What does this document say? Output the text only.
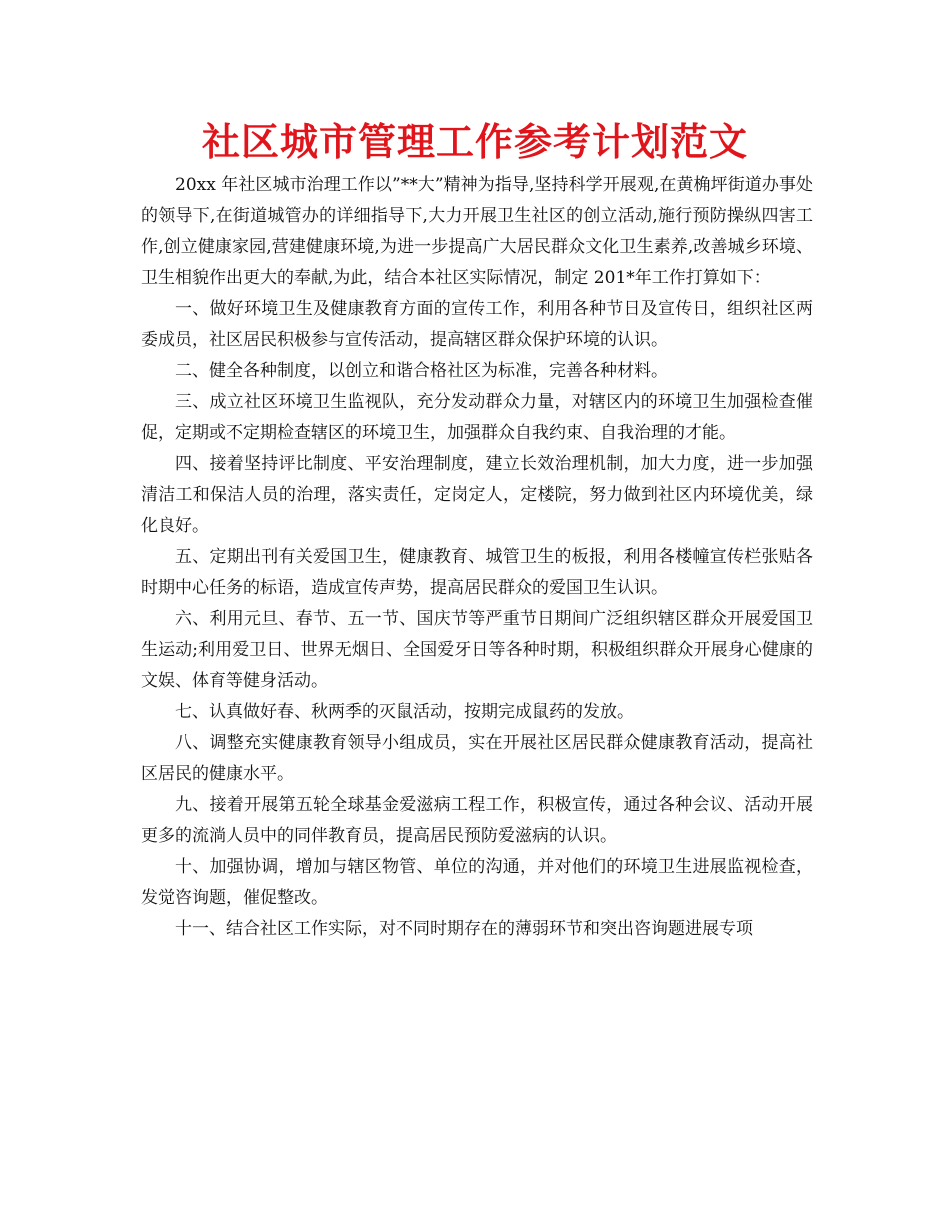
社区城市管理工作参考计划范文

20xx 年社区城市治理工作以”**大”精神为指导,坚持科学开展观,在黄桷坪街道办事处的领导下,在街道城管办的详细指导下,大力开展卫生社区的创立活动,施行预防操纵四害工作,创立健康家园,营建健康环境,为进一步提高广大居民群众文化卫生素养,改善城乡环境、卫生相貌作出更大的奉献,为此，结合本社区实际情况，制定 201*年工作打算如下：

一、做好环境卫生及健康教育方面的宣传工作，利用各种节日及宣传日，组织社区两委成员，社区居民积极参与宣传活动，提高辖区群众保护环境的认识。

二、健全各种制度，以创立和谐合格社区为标准，完善各种材料。

三、成立社区环境卫生监视队，充分发动群众力量，对辖区内的环境卫生加强检查催促，定期或不定期检查辖区的环境卫生，加强群众自我约束、自我治理的才能。

四、接着坚持评比制度、平安治理制度，建立长效治理机制，加大力度，进一步加强清洁工和保洁人员的治理，落实责任，定岗定人，定楼院，努力做到社区内环境优美，绿化良好。

五、定期出刊有关爱国卫生，健康教育、城管卫生的板报，利用各楼幢宣传栏张贴各时期中心任务的标语，造成宣传声势，提高居民群众的爱国卫生认识。

六、利用元旦、春节、五一节、国庆节等严重节日期间广泛组织辖区群众开展爱国卫生运动;利用爱卫日、世界无烟日、全国爱牙日等各种时期，积极组织群众开展身心健康的文娱、体育等健身活动。

七、认真做好春、秋两季的灭鼠活动，按期完成鼠药的发放。

八、调整充实健康教育领导小组成员，实在开展社区居民群众健康教育活动，提高社区居民的健康水平。

九、接着开展第五轮全球基金爱滋病工程工作，积极宣传，通过各种会议、活动开展更多的流淌人员中的同伴教育员，提高居民预防爱滋病的认识。

十、加强协调，增加与辖区物管、单位的沟通，并对他们的环境卫生进展监视检查，发觉咨询题，催促整改。

十一、结合社区工作实际，对不同时期存在的薄弱环节和突出咨询题进展专项
